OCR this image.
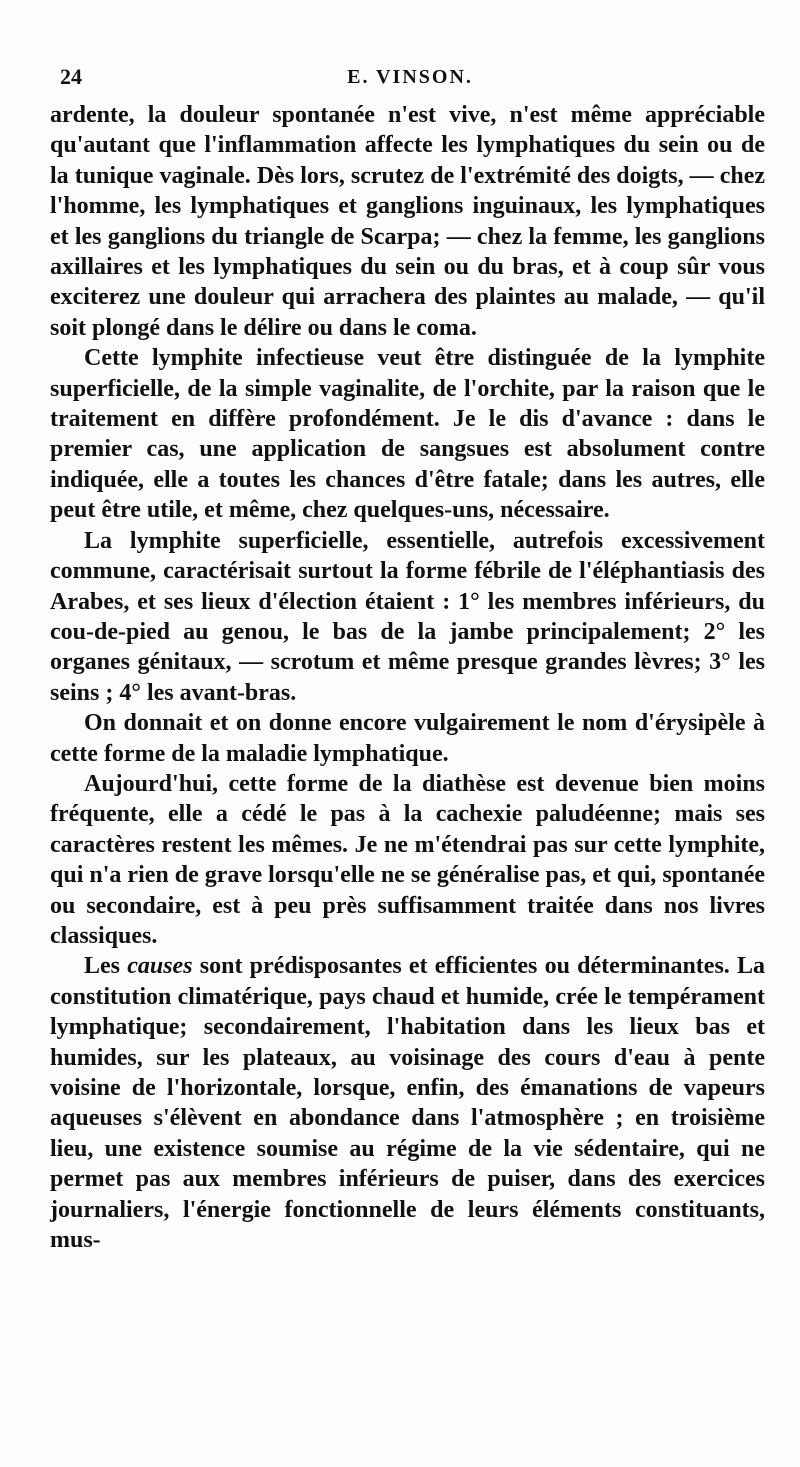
24	E. VINSON.

ardente, la douleur spontanée n'est vive, n'est même appréciable qu'autant que l'inflammation affecte les lymphatiques du sein ou de la tunique vaginale. Dès lors, scrutez de l'extrémité des doigts, — chez l'homme, les lymphatiques et ganglions inguinaux, les lymphatiques et les ganglions du triangle de Scarpa; — chez la femme, les ganglions axillaires et les lymphatiques du sein ou du bras, et à coup sûr vous exciterez une douleur qui arrachera des plaintes au malade, — qu'il soit plongé dans le délire ou dans le coma.

Cette lymphite infectieuse veut être distinguée de la lymphite superficielle, de la simple vaginalite, de l'orchite, par la raison que le traitement en diffère profondément. Je le dis d'avance : dans le premier cas, une application de sangsues est absolument contre indiquée, elle a toutes les chances d'être fatale; dans les autres, elle peut être utile, et même, chez quelques-uns, nécessaire.

La lymphite superficielle, essentielle, autrefois excessivement commune, caractérisait surtout la forme fébrile de l'éléphantiasis des Arabes, et ses lieux d'élection étaient : 1° les membres inférieurs, du cou-de-pied au genou, le bas de la jambe principalement; 2° les organes génitaux, — scrotum et même presque grandes lèvres; 3° les seins ; 4° les avant-bras.

On donnait et on donne encore vulgairement le nom d'érysipèle à cette forme de la maladie lymphatique.

Aujourd'hui, cette forme de la diathèse est devenue bien moins fréquente, elle a cédé le pas à la cachexie paludéenne; mais ses caractères restent les mêmes. Je ne m'étendrai pas sur cette lymphite, qui n'a rien de grave lorsqu'elle ne se généralise pas, et qui, spontanée ou secondaire, est à peu près suffisamment traitée dans nos livres classiques.

Les causes sont prédisposantes et efficientes ou déterminantes. La constitution climatérique, pays chaud et humide, crée le tempérament lymphatique; secondairement, l'habitation dans les lieux bas et humides, sur les plateaux, au voisinage des cours d'eau à pente voisine de l'horizontale, lorsque, enfin, des émanations de vapeurs aqueuses s'élèvent en abondance dans l'atmosphère ; en troisième lieu, une existence soumise au régime de la vie sédentaire, qui ne permet pas aux membres inférieurs de puiser, dans des exercices journaliers, l'énergie fonctionnelle de leurs éléments constituants, mus-
